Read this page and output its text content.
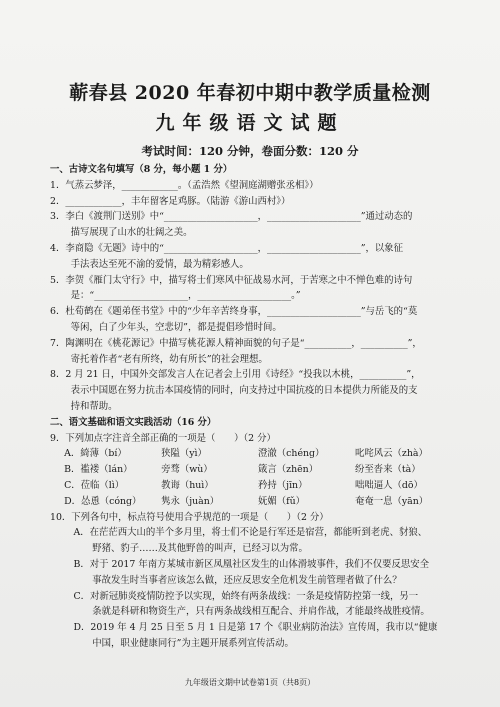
蕲春县 2020 年春初中期中教学质量检测
九年级语文试题
考试时间：120 分钟，卷面分数：120 分
一、古诗文名句填写（8 分，每小题 1 分）
1．气蒸云梦泽，____________。（孟浩然《望洞庭湖赠张丞相》）
2．____________，丰年留客足鸡豚。（陆游《游山西村》）
3．李白《渡荆门送别》中“____________________，____________________”通过动态的
描写展现了山水的壮阔之美。
4．李商隐《无题》诗中的“____________________，____________________”，以象征
手法表达至死不渝的爱情，最为精彩感人。
5．李贺《雁门太守行》中，描写将士们寒风中征战易水河，于苦寒之中不惮色难的诗句
是：“____________________，____________________。”
6．杜荀鹤在《题弟侄书堂》中的“少年辛苦终身事，____________________”与岳飞的“莫
等闲，白了少年头，空悲切”，都是提倡珍惜时间。
7．陶渊明在《桃花源记》中描写桃花源人精神面貌的句子是“__________，__________”，
寄托着作者“老有所终，幼有所长”的社会理想。
8．2 月 21 日，中国外交部发言人在记者会上引用《诗经》“投我以木桃，__________”，
表示中国愿在努力抗击本国疫情的同时，向支持过中国抗疫的日本提供力所能及的支
持和帮助。
二、语文基础和语文实践活动（16 分）
9．下列加点字注音全部正确的一项是（　　）（2 分）
A．綺薄（bí）	狭隘（yì）	澄澈（chéng）	叱咤风云（zhà）
B．褴褛（lán）	旁骛（wù）	箴言（zhēn）	纷至沓来（tà）
C．莅临（lì）	教诲（huì）	矜持（jīn）	咄咄逼人（dō）
D．怂恿（cóng）	隽永（juàn）	妩媚（fǔ）	奄奄一息（yān）
10．下列各句中，标点符号使用合乎规范的一项是（　　）（2 分）
A．在茫茫西大山的半个多月里，将士们不论是行军还是宿营，都能听到老虎、豺狼、
　　野猪、豹子……及其他野兽的叫声，已经习以为常。
B．对于 2017 年南方某城市新区凤凰社区发生的山体滑坡事件，我们不仅要反思安全
　　事故发生时当事者应该怎么做，还应反思安全危机发生前管理者做了什么？
C．对新冠肺炎疫情防控予以实现，始终有两条战线：一条是疫情防控第一线，另一
　　条就是科研和物资生产，只有两条战线相互配合、并肩作战，才能最终战胜疫情。
D．2019 年 4 月 25 日至 5 月 1 日是第 17 个《职业病防治法》宣传周，我市以“健康
　　中国，职业健康同行”为主题开展系列宣传活动。
九年级语文期中试卷第1页（共8页）
